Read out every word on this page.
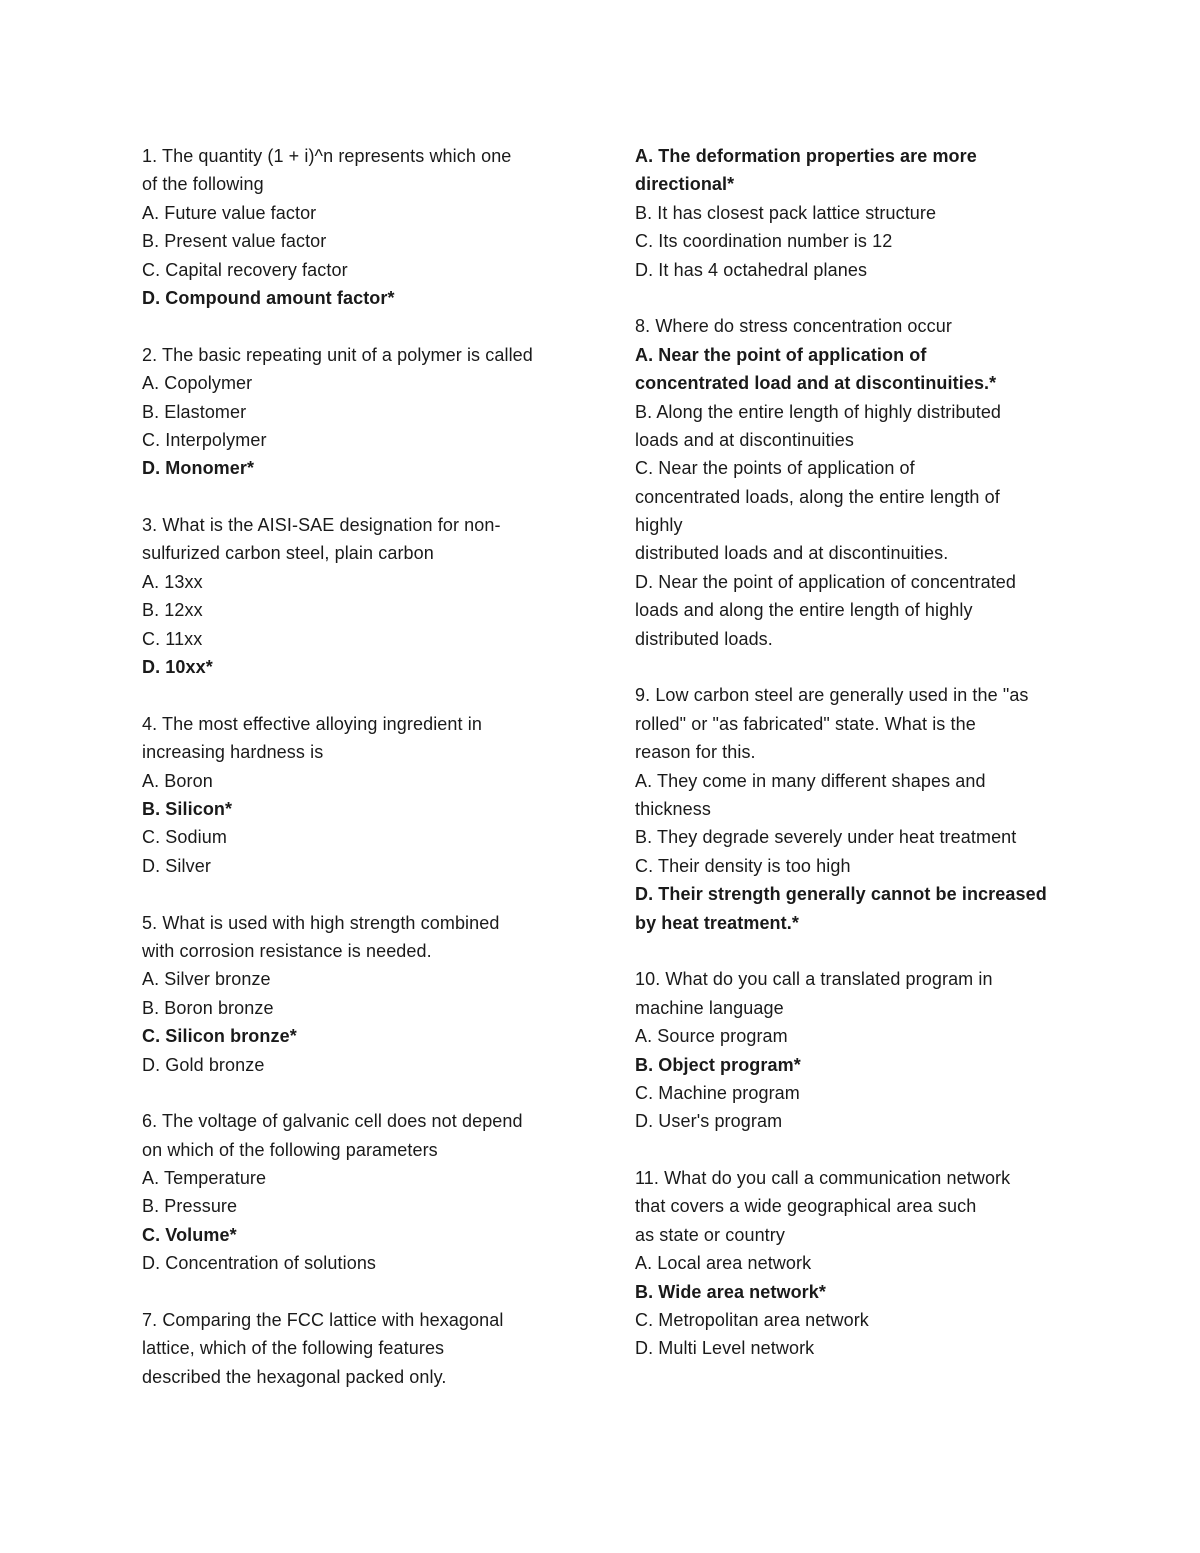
1. The quantity (1 + i)^n represents which one
of the following
A. Future value factor
B. Present value factor
C. Capital recovery factor
D. Compound amount factor*
2. The basic repeating unit of a polymer is called
A. Copolymer
B. Elastomer
C. Interpolymer
D. Monomer*
3. What is the AISI-SAE designation for non-
sulfurized carbon steel, plain carbon
A. 13xx
B. 12xx
C. 11xx
D. 10xx*
4. The most effective alloying ingredient in
increasing hardness is
A. Boron
B. Silicon*
C. Sodium
D. Silver
5. What is used with high strength combined
with corrosion resistance is needed.
A. Silver bronze
B. Boron bronze
C. Silicon bronze*
D. Gold bronze
6. The voltage of galvanic cell does not depend
on which of the following parameters
A. Temperature
B. Pressure
C. Volume*
D. Concentration of solutions
7. Comparing the FCC lattice with hexagonal
lattice, which of the following features
described the hexagonal packed only.
A. The deformation properties are more
directional*
B. It has closest pack lattice structure
C. Its coordination number is 12
D. It has 4 octahedral planes
8. Where do stress concentration occur
A. Near the point of application of
concentrated load and at discontinuities.*
B. Along the entire length of highly distributed
loads and at discontinuities
C. Near the points of application of
concentrated loads, along the entire length of
highly
distributed loads and at discontinuities.
D. Near the point of application of concentrated
loads and along the entire length of highly
distributed loads.
9. Low carbon steel are generally used in the "as
rolled" or "as fabricated" state. What is the
reason for this.
A. They come in many different shapes and
thickness
B. They degrade severely under heat treatment
C. Their density is too high
D. Their strength generally cannot be increased
by heat treatment.*
10. What do you call a translated program in
machine language
A. Source program
B. Object program*
C. Machine program
D. User's program
11. What do you call a communication network
that covers a wide geographical area such
as state or country
A. Local area network
B. Wide area network*
C. Metropolitan area network
D. Multi Level network
